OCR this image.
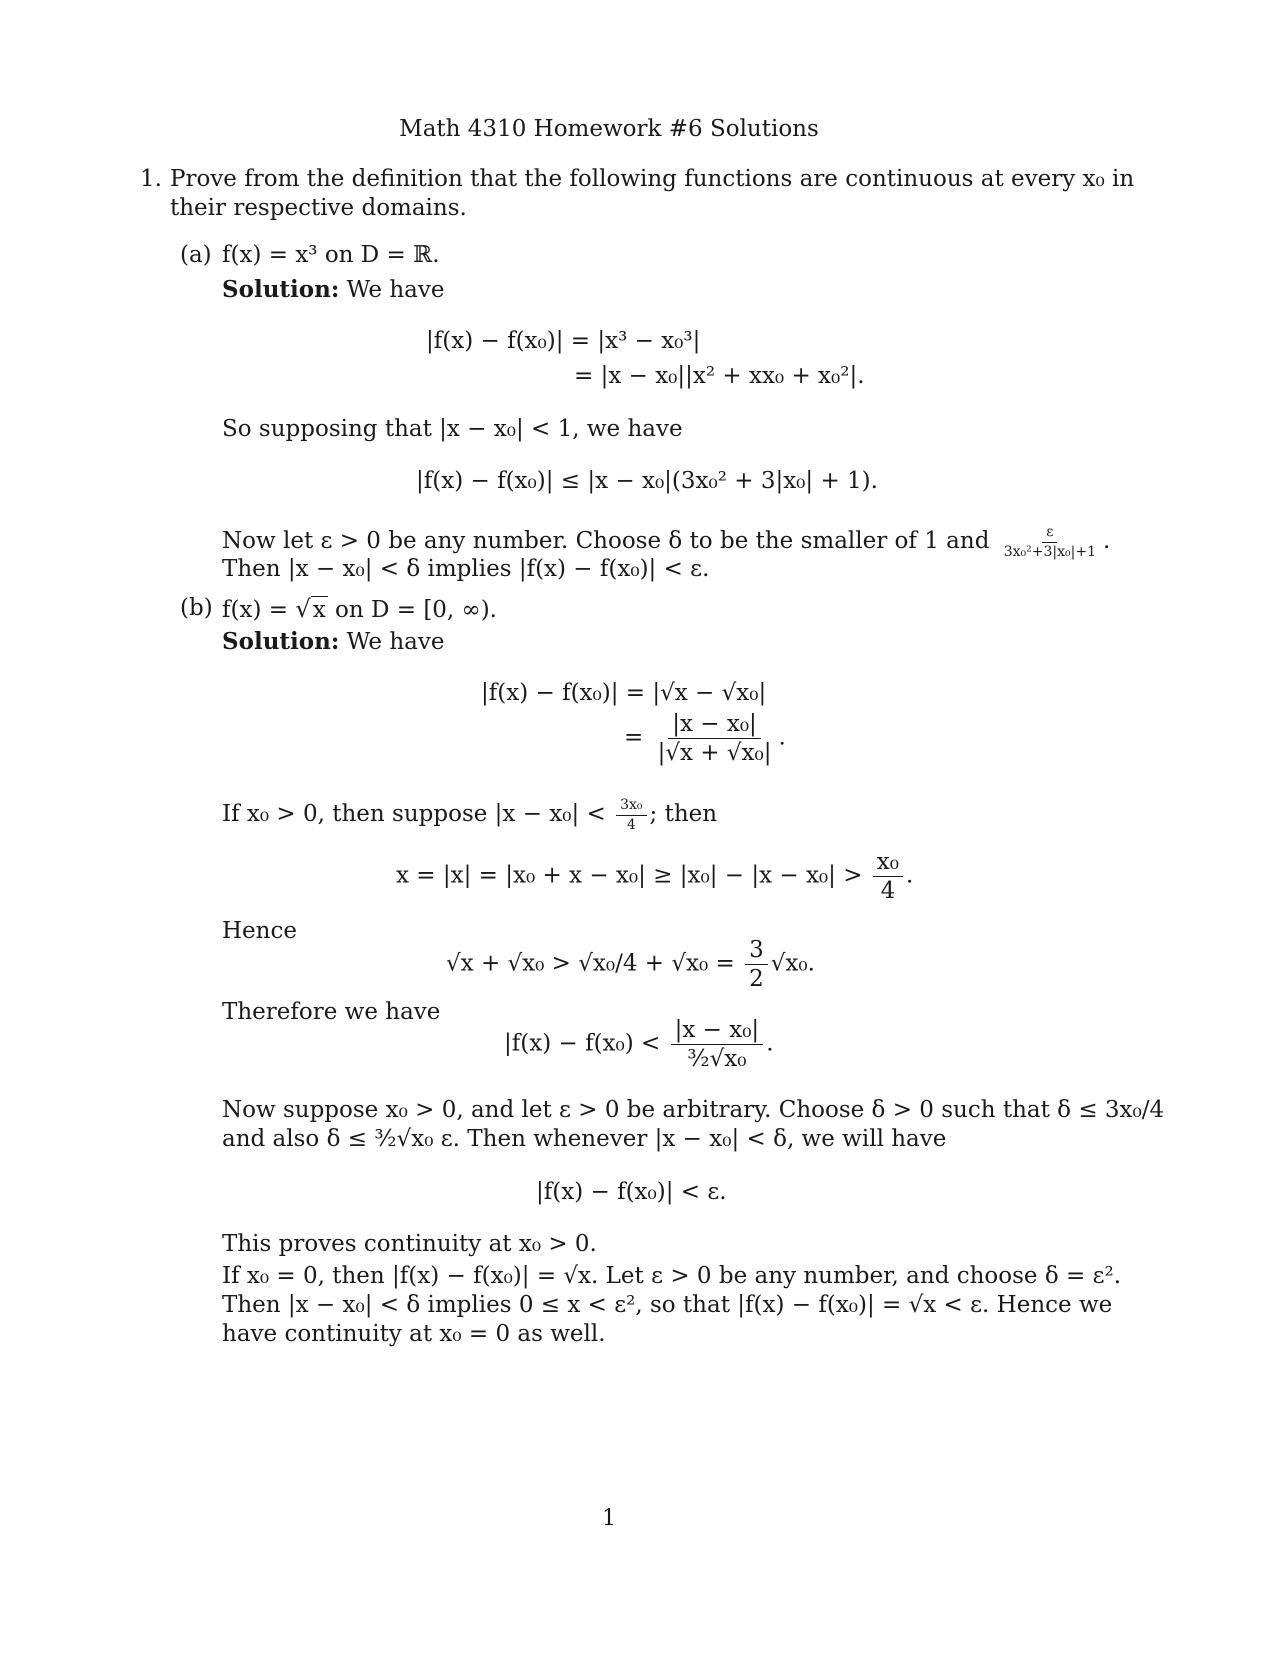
Math 4310 Homework #6 Solutions
1. Prove from the definition that the following functions are continuous at every x₀ in
their respective domains.
(a) f(x) = x³ on D = ℝ.
Solution: We have
|f(x) − f(x₀)| = |x³ − x₀³|
= |x − x₀||x² + xx₀ + x₀²|.
So supposing that |x − x₀| < 1, we have
|f(x) − f(x₀)| ≤ |x − x₀|(3x₀² + 3|x₀| + 1).
Now let ε > 0 be any number. Choose δ to be the smaller of 1 and $\frac{\varepsilon}{\text{3x₀²+3|x₀|+1}}$ .
Then |x − x₀| < δ implies |f(x) − f(x₀)| < ε.
(b) f(x) = √x on D = [0, ∞).
Solution: We have
|f(x) − f(x₀)| = |√x − √x₀|
= $\frac{\text{|x − x₀|}}{\text{|√x + √x₀|}}$ .
If x₀ > 0, then suppose $|x - x_0| < \frac{\text{3x₀}}{4}$ ; then
$x = |x| = |x_0 + x - x_0| \ge |x_0| - |x - x_0| > \frac{\text{x₀}}{4}$ .
Hence
$√x + √x_0 > √x_0/4 + √x_0 = \frac{3}{2} √x_0$.
Therefore we have
$|f(x) - f(x_0) < \frac{\text{|x − x₀|}}{\text{³⁄₂√x₀}}$ .
Now suppose x₀ > 0, and let ε > 0 be arbitrary. Choose δ > 0 such that δ ≤ 3x₀/4
and also δ ≤ ³⁄₂√x₀ ε. Then whenever |x − x₀| < δ, we will have
|f(x) − f(x₀)| < ε.
This proves continuity at x₀ > 0.
If x₀ = 0, then |f(x) − f(x₀)| = √x. Let ε > 0 be any number, and choose δ = ε².
Then |x − x₀| < δ implies 0 ≤ x < ε², so that |f(x) − f(x₀)| = √x < ε. Hence we
have continuity at x₀ = 0 as well.
1
